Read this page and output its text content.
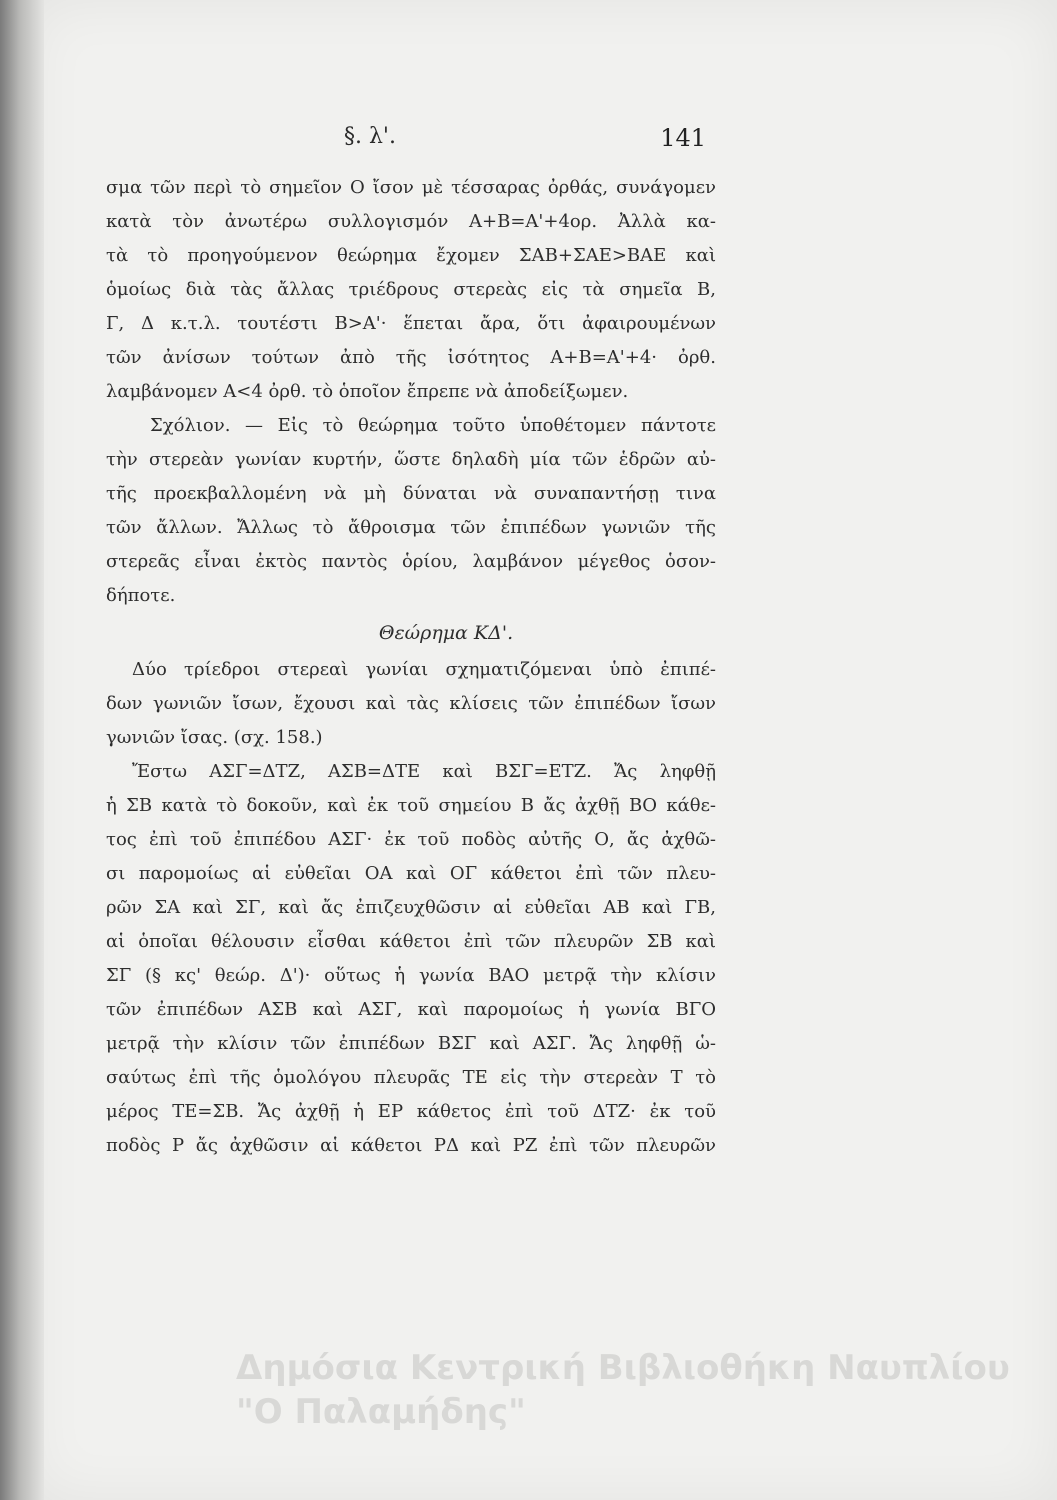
§. λ'.	141
σμα τῶν περὶ τὸ σημεῖον Ο ἴσον μὲ τέσσαρας ὀρθάς, συνάγομεν
κατὰ τὸν ἀνωτέρω συλλογισμόν Α+Β=Α'+4ορ. Ἀλλὰ κα-
τὰ τὸ προηγούμενον θεώρημα ἔχομεν ΣΑΒ+ΣΑΕ>ΒΑΕ καὶ
ὁμοίως διὰ τὰς ἄλλας τριέδρους στερεὰς εἰς τὰ σημεῖα Β,
Γ, Δ κ.τ.λ. τουτέστι Β>Α'· ἕπεται ἄρα, ὅτι ἀφαιρουμένων
τῶν ἀνίσων τούτων ἀπὸ τῆς ἰσότητος Α+Β=Α'+4· ὀρθ.
λαμβάνομεν Α<4 ὀρθ. τὸ ὁποῖον ἔπρεπε νὰ ἀποδείξωμεν.
Σχόλιον. — Εἰς τὸ θεώρημα τοῦτο ὑποθέτομεν πάντοτε
τὴν στερεὰν γωνίαν κυρτήν, ὥστε δηλαδὴ μία τῶν ἑδρῶν αὐ-
τῆς προεκβαλλομένη νὰ μὴ δύναται νὰ συναπαντήσῃ τινα
τῶν ἄλλων. Ἄλλως τὸ ἄθροισμα τῶν ἐπιπέδων γωνιῶν τῆς
στερεᾶς εἶναι ἐκτὸς παντὸς ὁρίου, λαμβάνον μέγεθος ὁσον-
δήποτε.
Θεώρημα ΚΔ'.
Δύο τρίεδροι στερεαὶ γωνίαι σχηματιζόμεναι ὑπὸ ἐπιπέ-
δων γωνιῶν ἴσων, ἔχουσι καὶ τὰς κλίσεις τῶν ἐπιπέδων ἴσων
γωνιῶν ἴσας. (σχ. 158.)
Ἔστω ΑΣΓ=ΔΤΖ, ΑΣΒ=ΔΤΕ καὶ ΒΣΓ=ΕΤΖ. Ἄς ληφθῇ
ἡ ΣΒ κατὰ τὸ δοκοῦν, καὶ ἐκ τοῦ σημείου Β ἄς ἀχθῇ ΒΟ κάθε-
τος ἐπὶ τοῦ ἐπιπέδου ΑΣΓ· ἐκ τοῦ ποδὸς αὐτῆς Ο, ἄς ἀχθῶ-
σι παρομοίως αἱ εὐθεῖαι ΟΑ καὶ ΟΓ κάθετοι ἐπὶ τῶν πλευ-
ρῶν ΣΑ καὶ ΣΓ, καὶ ἄς ἐπιζευχθῶσιν αἱ εὐθεῖαι ΑΒ καὶ ΓΒ,
αἱ ὁποῖαι θέλουσιν εἶσθαι κάθετοι ἐπὶ τῶν πλευρῶν ΣΒ καὶ
ΣΓ (§ κς' θεώρ. Δ')· οὕτως ἡ γωνία ΒΑΟ μετρᾷ τὴν κλίσιν
τῶν ἐπιπέδων ΑΣΒ καὶ ΑΣΓ, καὶ παρομοίως ἡ γωνία ΒΓΟ
μετρᾷ τὴν κλίσιν τῶν ἐπιπέδων ΒΣΓ καὶ ΑΣΓ. Ἄς ληφθῇ ὡ-
σαύτως ἐπὶ τῆς ὁμολόγου πλευρᾶς ΤΕ εἰς τὴν στερεὰν Τ τὸ
μέρος ΤΕ=ΣΒ. Ἄς ἀχθῇ ἡ ΕΡ κάθετος ἐπὶ τοῦ ΔΤΖ· ἐκ τοῦ
ποδὸς Ρ ἄς ἀχθῶσιν αἱ κάθετοι ΡΔ καὶ ΡΖ ἐπὶ τῶν πλευρῶν
Δημόσια Κεντρική Βιβλιοθήκη Ναυπλίου
"Ο Παλαμήδης"
